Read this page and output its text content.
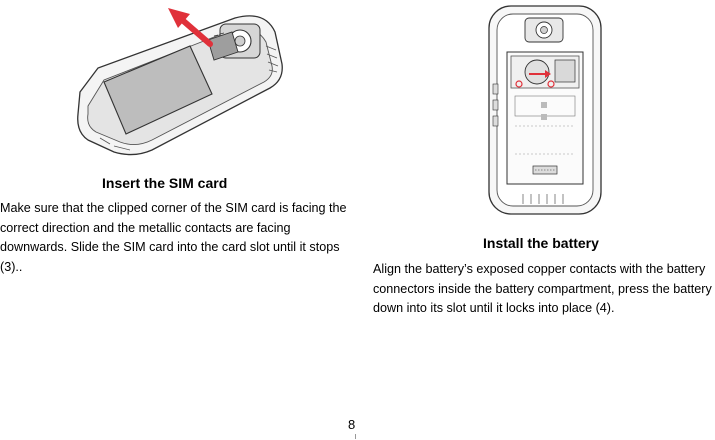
Insert the SIM card
Make sure that the clipped corner of the SIM card is facing the correct direction and the metallic contacts are facing downwards. Slide the SIM card into the card slot until it stops (3)..
Install the battery
Align the battery’s exposed copper contacts with the battery connectors inside the battery compartment, press the battery down into its slot until it locks into place (4).
8
